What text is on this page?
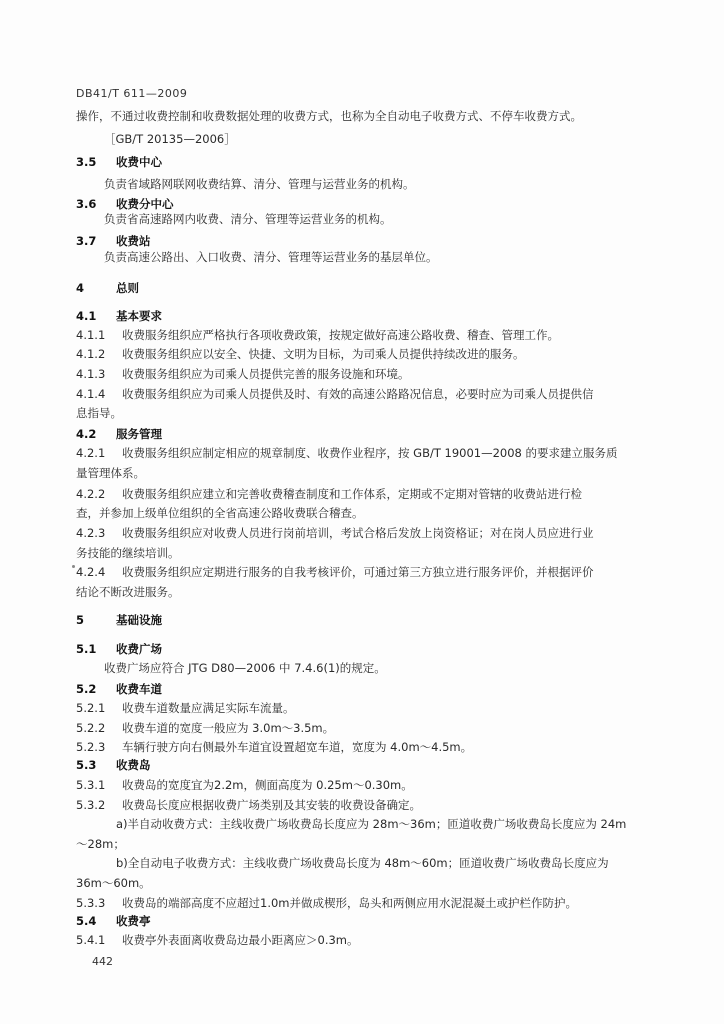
DB41/T 611—2009
操作，不通过收费控制和收费数据处理的收费方式，也称为全自动电子收费方式、不停车收费方式。
［GB/T 20135—2006］
3.5 收费中心
负责省域路网联网收费结算、清分、管理与运营业务的机构。
3.6 收费分中心
负责省高速路网内收费、清分、管理等运营业务的机构。
3.7 收费站
负责高速公路出、入口收费、清分、管理等运营业务的基层单位。
4	总则
4.1 基本要求
4.1.1 收费服务组织应严格执行各项收费政策，按规定做好高速公路收费、稽查、管理工作。
4.1.2 收费服务组织应以安全、快捷、文明为目标，为司乘人员提供持续改进的服务。
4.1.3 收费服务组织应为司乘人员提供完善的服务设施和环境。
4.1.4 收费服务组织应为司乘人员提供及时、有效的高速公路路况信息，必要时应为司乘人员提供信
息指导。
4.2 服务管理
4.2.1 收费服务组织应制定相应的规章制度、收费作业程序，按 GB/T 19001—2008 的要求建立服务质
量管理体系。
4.2.2 收费服务组织应建立和完善收费稽查制度和工作体系，定期或不定期对管辖的收费站进行检
查，并参加上级单位组织的全省高速公路收费联合稽查。
4.2.3 收费服务组织应对收费人员进行岗前培训，考试合格后发放上岗资格证；对在岗人员应进行业
务技能的继续培训。
4.2.4 收费服务组织应定期进行服务的自我考核评价，可通过第三方独立进行服务评价，并根据评价
结论不断改进服务。
5	基础设施
5.1 收费广场
收费广场应符合 JTG D80—2006 中 7.4.6(1)的规定。
5.2 收费车道
5.2.1 收费车道数量应满足实际车流量。
5.2.2 收费车道的宽度一般应为 3.0m～3.5m。
5.2.3 车辆行驶方向右侧最外车道宜设置超宽车道，宽度为 4.0m～4.5m。
5.3 收费岛
5.3.1 收费岛的宽度宜为2.2m，侧面高度为 0.25m～0.30m。
5.3.2 收费岛长度应根据收费广场类别及其安装的收费设备确定。
a)半自动收费方式：主线收费广场收费岛长度应为 28m～36m；匝道收费广场收费岛长度应为 24m
～28m；
b)全自动电子收费方式：主线收费广场收费岛长度为 48m～60m；匝道收费广场收费岛长度应为
36m～60m。
5.3.3 收费岛的端部高度不应超过1.0m并做成楔形，岛头和两侧应用水泥混凝土或护栏作防护。
5.4 收费亭
5.4.1 收费亭外表面离收费岛边最小距离应＞0.3m。
442
